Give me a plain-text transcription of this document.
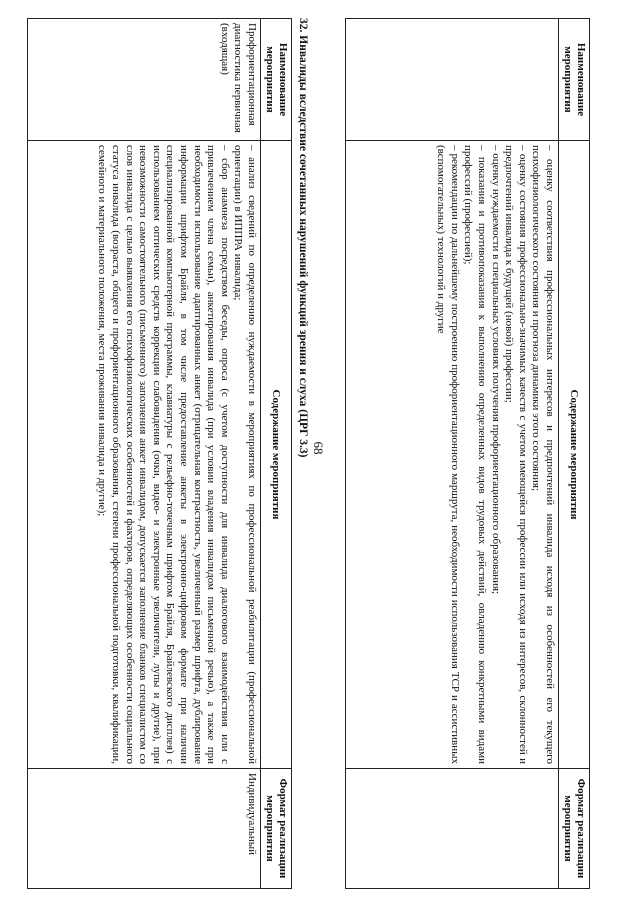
68
Наименование мероприятия	Содержание мероприятия	Формат реализации мероприятия

	– оценку соответствия профессиональных интересов и предпочтений инвалида исходя из особенностей его текущего психофизиологического состояния и прогноза динамики этого состояния;

– оценку состояния профессионально-значимых качеств с учетом имеющейся профессии или исходя из интересов, склонностей и предпочтений инвалида к будущей (новой) профессии;

– оценку нуждаемости в специальных условиях получения профориентационного образования;

– показания и противопоказания к выполнению определенных видов трудовых действий, овладению конкретными видами профессий (профессией);

– рекомендации по дальнейшему построению профориентационного маршрута, необходимости использования ТСР и ассистивных (вспомогательных) технологий и другие	

32. Инвалиды вследствие сочетанных нарушений функций зрения и слуха (ЦРГ 3.3)
Наименование мероприятия	Содержание мероприятия	Формат реализации мероприятия
Профориентационная диагностика первичная (входящая)	– анализ сведений по определению нуждаемости в мероприятиях по профессиональной реабилитации (профессиональной ориентации) в ИППРА инвалида;

– сбор анамнеза посредством беседы, опроса (с учетом доступности для инвалида диалогового взаимодействия или с привлечением члена семьи), анкетирования инвалида (при условии владения инвалидом письменной речью), а также при необходимости использование адаптированных анкет (отрицательная контрастность, увеличенный размер шрифта, дублирование информации шрифтом Брайля, в том числе предоставление анкеты в электронно-цифровом формате при наличии специализированной компьютерной программы, клавиатуры с рельефно-точечным шрифтом Брайля, Брайлевского дисплея) с использованием оптических средств коррекции слабовидения (очки, видео- и электронные увеличители, лупы и другие), при невозможности самостоятельного (письменного) заполнения анкет инвалидом, допускается заполнение бланков специалистом со слов инвалида с целью выявления его психофизиологических особенностей и факторов, определяющих особенности социального статуса инвалида (возраста, общего и профориентационного образования, степени профессиональной подготовки, квалификации, семейного и материального положения, места проживания инвалида и другие);	Индивидуальный
